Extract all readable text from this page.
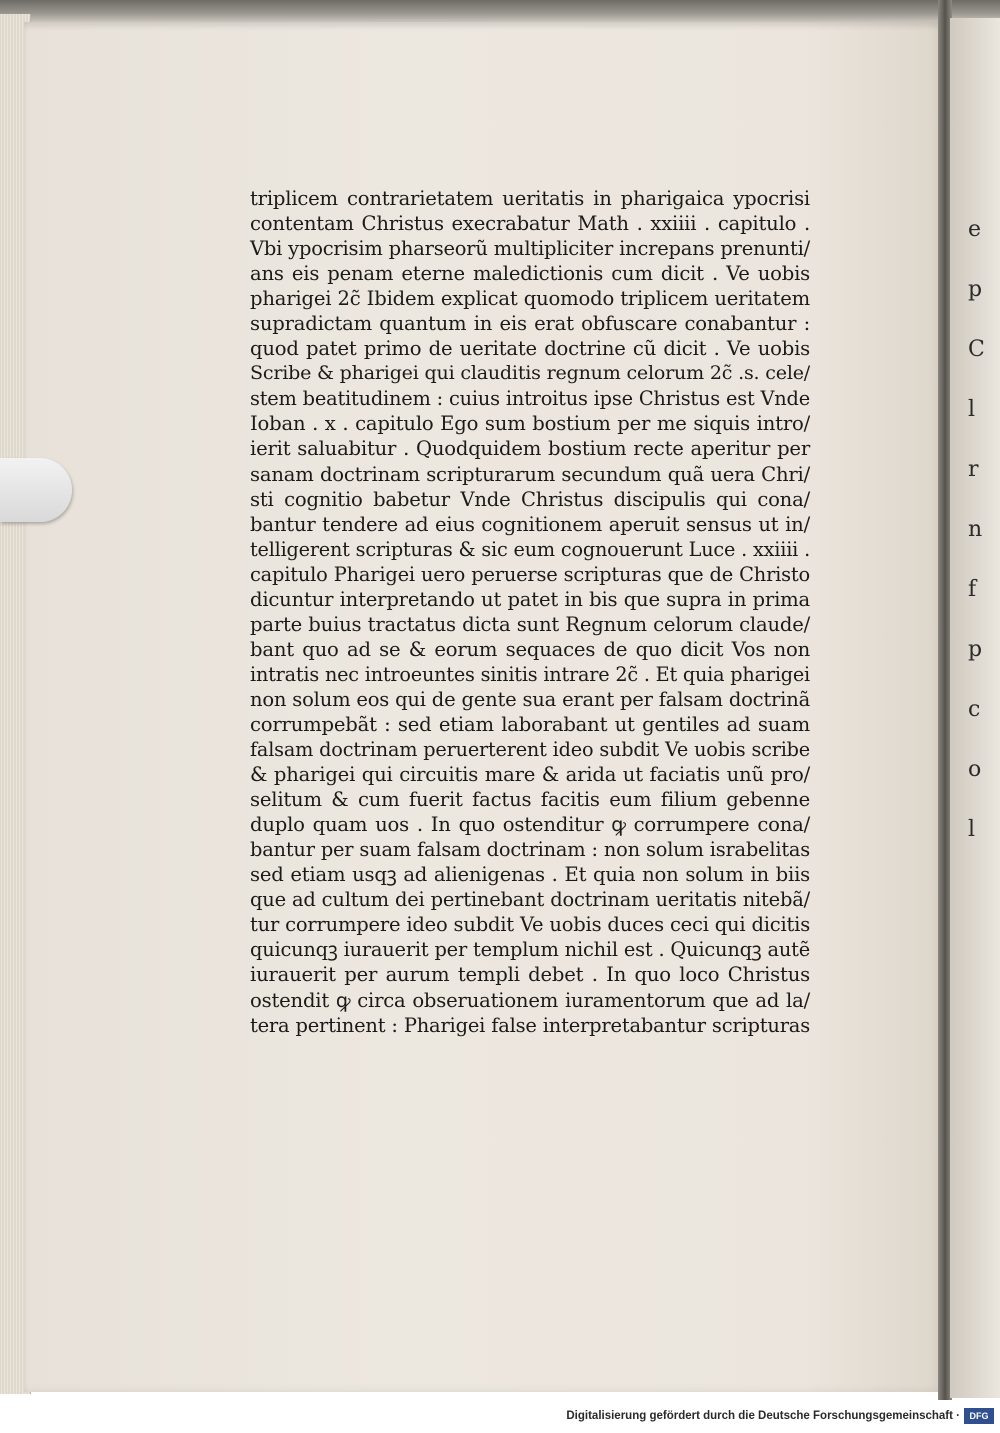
e
p
C
l
r
n
f
p
c
o
l
triplicem contrarietatem ueritatis in pharigaica ypocrisi
contentam Christus execrabatur Math . xxiiii . capitulo .
Vbi ypocrisim pharseorũ multipliciter increpans prenunti/
ans eis penam eterne maledictionis cum dicit . Ve uobis
pharigei 2c̃ Ibidem explicat quomodo triplicem ueritatem
supradictam quantum in eis erat obfuscare conabantur :
quod patet primo de ueritate doctrine cũ dicit . Ve uobis
Scribe & pharigei qui clauditis regnum celorum 2c̃ .s. cele/
stem beatitudinem : cuius introitus ipse Christus est Vnde
Ioban . x . capitulo Ego sum bostium per me siquis intro/
ierit saluabitur . Quodquidem bostium recte aperitur per
sanam doctrinam scripturarum secundum quã uera Chri/
sti cognitio babetur Vnde Christus discipulis qui cona/
bantur tendere ad eius cognitionem aperuit sensus ut in/
telligerent scripturas & sic eum cognouerunt Luce . xxiiii .
capitulo Pharigei uero peruerse scripturas que de Christo
dicuntur interpretando ut patet in bis que supra in prima
parte buius tractatus dicta sunt Regnum celorum claude/
bant quo ad se & eorum sequaces de quo dicit Vos non
intratis nec introeuntes sinitis intrare 2c̃ . Et quia pharigei
non solum eos qui de gente sua erant per falsam doctrinã
corrumpebãt : sed etiam laborabant ut gentiles ad suam
falsam doctrinam peruerterent ideo subdit Ve uobis scribe
& pharigei qui circuitis mare & arida ut faciatis unũ pro/
selitum & cum fuerit factus facitis eum filium gebenne
duplo quam uos . In quo ostenditur ꝙ corrumpere cona/
bantur per suam falsam doctrinam : non solum israbelitas
sed etiam usqꝫ ad alienigenas . Et quia non solum in biis
que ad cultum dei pertinebant doctrinam ueritatis nitebã/
tur corrumpere ideo subdit Ve uobis duces ceci qui dicitis
quicunqꝫ iurauerit per templum nichil est . Quicunqꝫ autẽ
iurauerit per aurum templi debet . In quo loco Christus
ostendit ꝙ circa obseruationem iuramentorum que ad la/
tera pertinent : Pharigei false interpretabantur scripturas
Digitalisierung gefördert durch die Deutsche Forschungsgemeinschaft ·	DFG
